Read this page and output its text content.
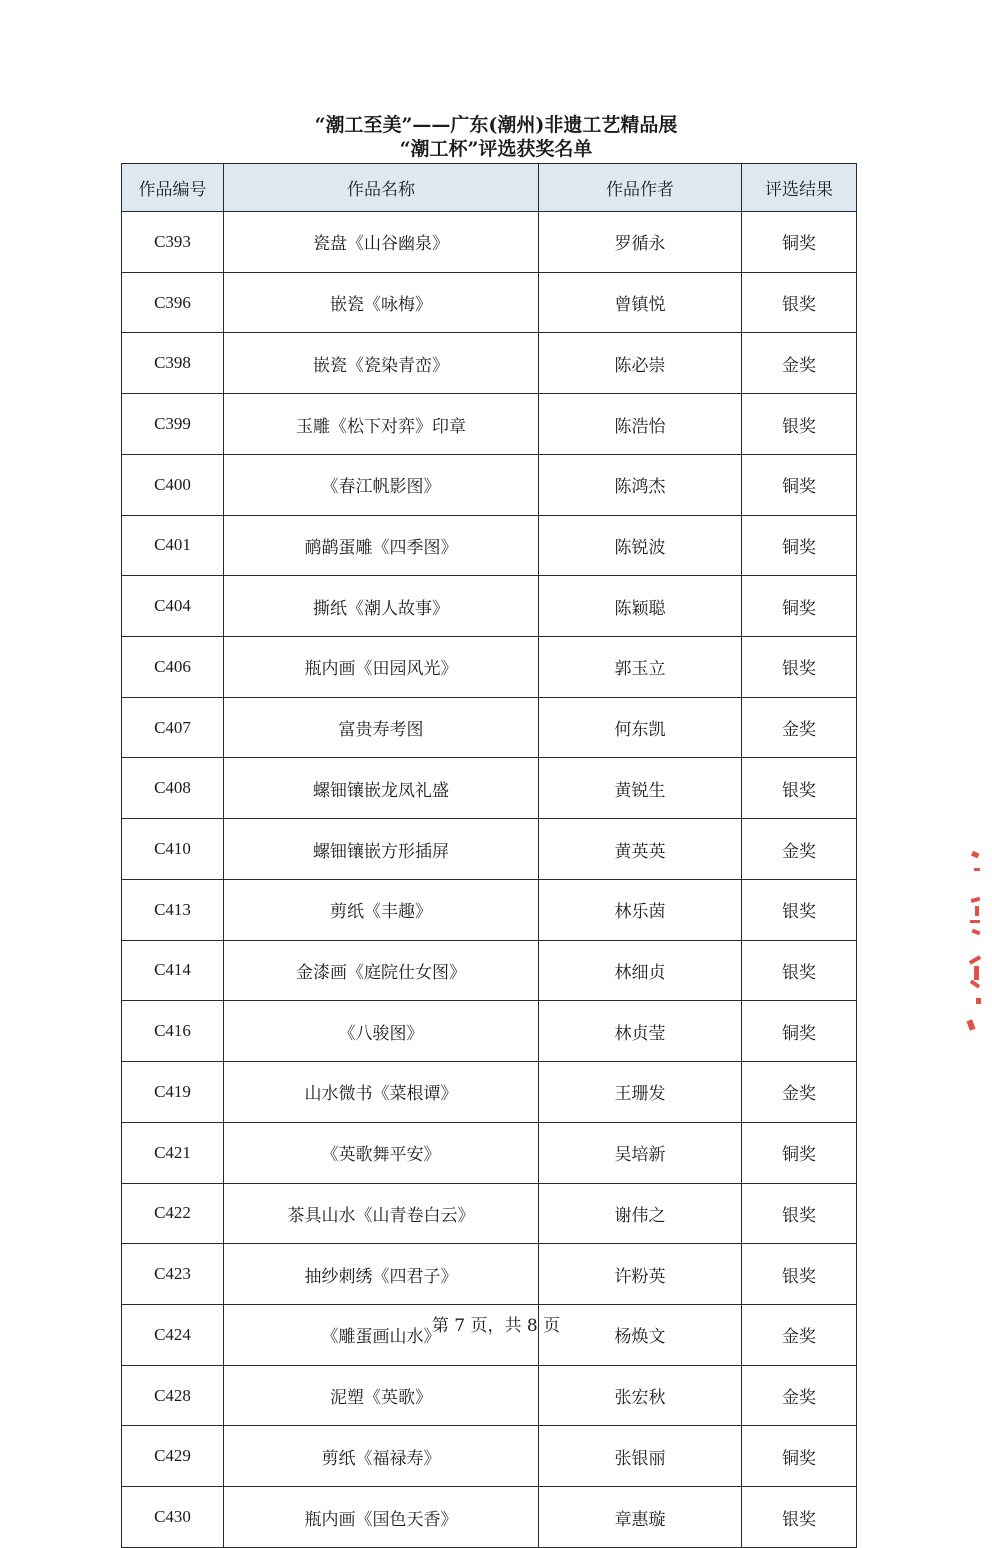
“潮工至美”——广东(潮州)非遗工艺精品展
“潮工杯”评选获奖名单
作品编号	作品名称	作品作者	评选结果
C393	瓷盘《山谷幽泉》	罗循永	铜奖
C396	嵌瓷《咏梅》	曾镇悦	银奖
C398	嵌瓷《瓷染青峦》	陈必崇	金奖
C399	玉雕《松下对弈》印章	陈浩怡	银奖
C400	《春江帆影图》	陈鸿杰	铜奖
C401	鸸鹋蛋雕《四季图》	陈锐波	铜奖
C404	撕纸《潮人故事》	陈颖聪	铜奖
C406	瓶内画《田园风光》	郭玉立	银奖
C407	富贵寿考图	何东凯	金奖
C408	螺钿镶嵌龙凤礼盛	黄锐生	银奖
C410	螺钿镶嵌方形插屏	黄英英	金奖
C413	剪纸《丰趣》	林乐茵	银奖
C414	金漆画《庭院仕女图》	林细贞	银奖
C416	《八骏图》	林贞莹	铜奖
C419	山水微书《菜根谭》	王珊发	金奖
C421	《英歌舞平安》	吴培新	铜奖
C422	茶具山水《山青卷白云》	谢伟之	银奖
C423	抽纱刺绣《四君子》	许粉英	银奖
C424	《雕蛋画山水》	杨焕文	金奖
C428	泥塑《英歌》	张宏秋	金奖
C429	剪纸《福禄寿》	张银丽	铜奖
C430	瓶内画《国色天香》	章惠璇	银奖
第 7 页，共 8 页
